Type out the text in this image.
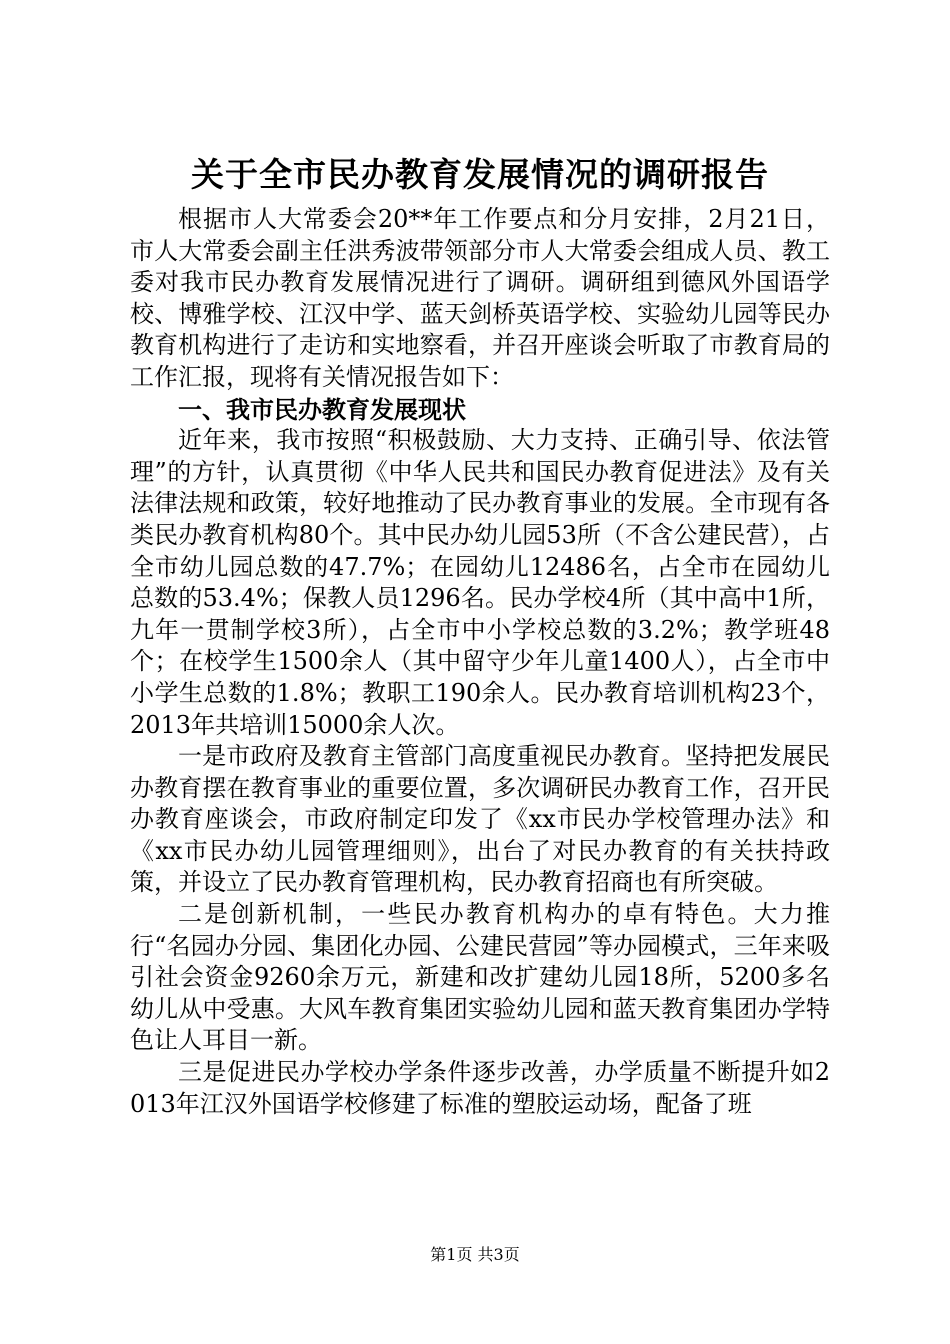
关于全市民办教育发展情况的调研报告

根据市人大常委会20**年工作要点和分月安排，2月21日，市人大常委会副主任洪秀波带领部分市人大常委会组成人员、教工委对我市民办教育发展情况进行了调研。调研组到德风外国语学校、博雅学校、江汉中学、蓝天剑桥英语学校、实验幼儿园等民办教育机构进行了走访和实地察看，并召开座谈会听取了市教育局的工作汇报，现将有关情况报告如下：

一、我市民办教育发展现状

近年来，我市按照“积极鼓励、大力支持、正确引导、依法管理”的方针，认真贯彻《中华人民共和国民办教育促进法》及有关法律法规和政策，较好地推动了民办教育事业的发展。全市现有各类民办教育机构80个。其中民办幼儿园53所（不含公建民营），占全市幼儿园总数的47.7%；在园幼儿12486名，占全市在园幼儿总数的53.4%；保教人员1296名。民办学校4所（其中高中1所，九年一贯制学校3所），占全市中小学校总数的3.2%；教学班48个；在校学生1500余人（其中留守少年儿童1400人），占全市中小学生总数的1.8%；教职工190余人。民办教育培训机构23个，2013年共培训15000余人次。

一是市政府及教育主管部门高度重视民办教育。坚持把发展民办教育摆在教育事业的重要位置，多次调研民办教育工作，召开民办教育座谈会，市政府制定印发了《xx市民办学校管理办法》和《xx市民办幼儿园管理细则》，出台了对民办教育的有关扶持政策，并设立了民办教育管理机构，民办教育招商也有所突破。

二是创新机制，一些民办教育机构办的卓有特色。大力推行“名园办分园、集团化办园、公建民营园”等办园模式，三年来吸引社会资金9260余万元，新建和改扩建幼儿园18所，5200多名幼儿从中受惠。大风车教育集团实验幼儿园和蓝天教育集团办学特色让人耳目一新。

三是促进民办学校办学条件逐步改善，办学质量不断提升如2013年江汉外国语学校修建了标准的塑胶运动场，配备了班

第1页 共3页
